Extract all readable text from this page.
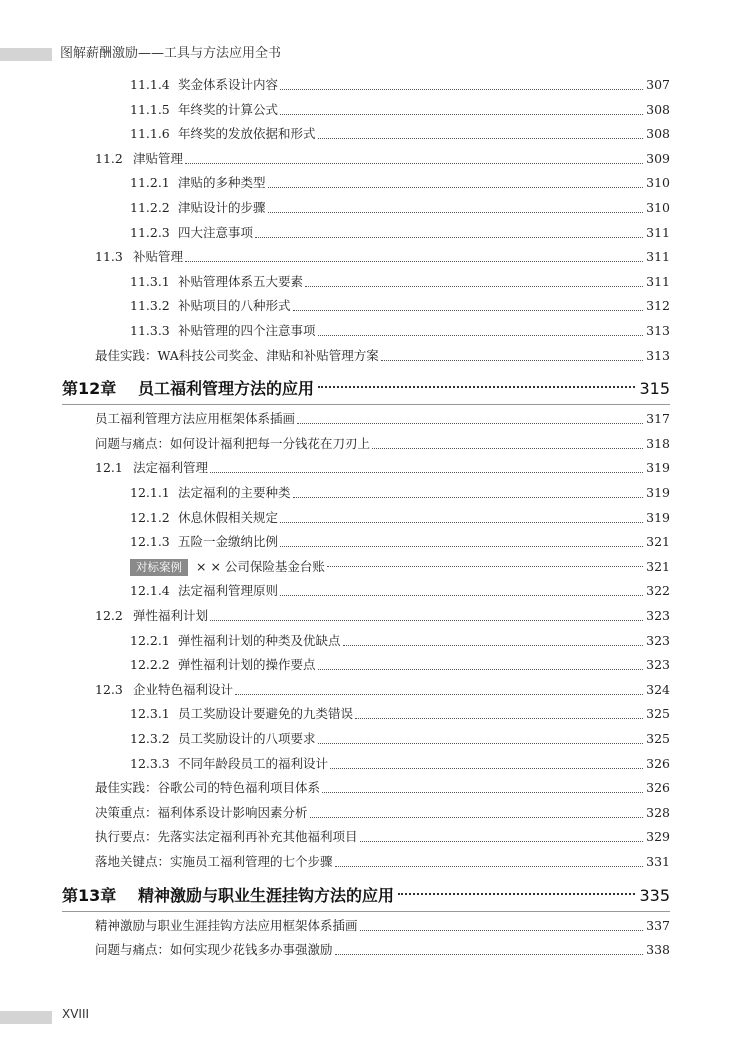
图解薪酬激励——工具与方法应用全书
11.1.4 奖金体系设计内容	307
11.1.5 年终奖的计算公式	308
11.1.6 年终奖的发放依据和形式	308
11.2 津贴管理	309
11.2.1 津贴的多种类型	310
11.2.2 津贴设计的步骤	310
11.2.3 四大注意事项	311
11.3 补贴管理	311
11.3.1 补贴管理体系五大要素	311
11.3.2 补贴项目的八种形式	312
11.3.3 补贴管理的四个注意事项	313
最佳实践：WA科技公司奖金、津贴和补贴管理方案	313
第12章	员工福利管理方法的应用	315
员工福利管理方法应用框架体系插画	317
问题与痛点：如何设计福利把每一分钱花在刀刃上	318
12.1 法定福利管理	319
12.1.1 法定福利的主要种类	319
12.1.2 休息休假相关规定	319
12.1.3 五险一金缴纳比例	321
对标案例	× × 公司保险基金台账	321
12.1.4 法定福利管理原则	322
12.2 弹性福利计划	323
12.2.1 弹性福利计划的种类及优缺点	323
12.2.2 弹性福利计划的操作要点	323
12.3 企业特色福利设计	324
12.3.1 员工奖励设计要避免的九类错误	325
12.3.2 员工奖励设计的八项要求	325
12.3.3 不同年龄段员工的福利设计	326
最佳实践：谷歌公司的特色福利项目体系	326
决策重点：福利体系设计影响因素分析	328
执行要点：先落实法定福利再补充其他福利项目	329
落地关键点：实施员工福利管理的七个步骤	331
第13章	精神激励与职业生涯挂钩方法的应用	335
精神激励与职业生涯挂钩方法应用框架体系插画	337
问题与痛点：如何实现少花钱多办事强激励	338
XVIII
